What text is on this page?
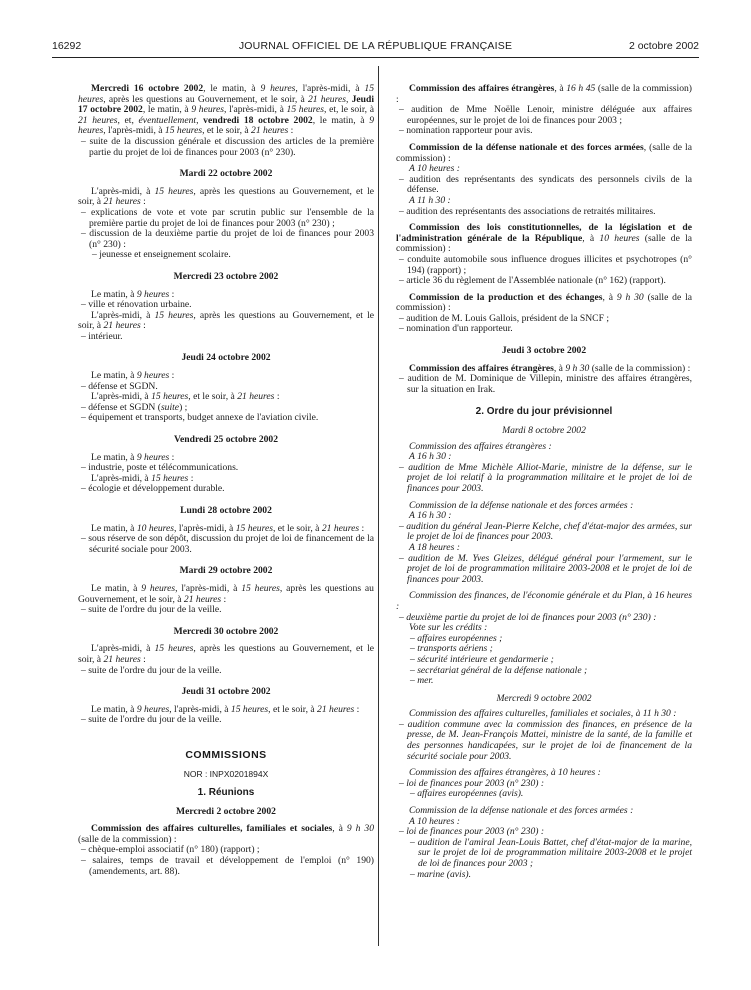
16292	JOURNAL OFFICIEL DE LA RÉPUBLIQUE FRANÇAISE	2 octobre 2002

Mercredi 16 octobre 2002, le matin, à 9 heures, l'après-midi, à 15 heures, après les questions au Gouvernement, et le soir, à 21 heures, Jeudi 17 octobre 2002, le matin, à 9 heures, l'après-midi, à 15 heures, et, le soir, à 21 heures, et, éventuellement, vendredi 18 octobre 2002, le matin, à 9 heures, l'après-midi, à 15 heures, et le soir, à 21 heures :

– suite de la discussion générale et discussion des articles de la première partie du projet de loi de finances pour 2003 (n° 230).

Mardi 22 octobre 2002

L'après-midi, à 15 heures, après les questions au Gouvernement, et le soir, à 21 heures :

– explications de vote et vote par scrutin public sur l'ensemble de la première partie du projet de loi de finances pour 2003 (n° 230) ;

– discussion de la deuxième partie du projet de loi de finances pour 2003 (n° 230) :

– jeunesse et enseignement scolaire.

Mercredi 23 octobre 2002

Le matin, à 9 heures :

– ville et rénovation urbaine.

L'après-midi, à 15 heures, après les questions au Gouvernement, et le soir, à 21 heures :

– intérieur.

Jeudi 24 octobre 2002

Le matin, à 9 heures :

– défense et SGDN.

L'après-midi, à 15 heures, et le soir, à 21 heures :

– défense et SGDN (suite) ;

– équipement et transports, budget annexe de l'aviation civile.

Vendredi 25 octobre 2002

Le matin, à 9 heures :

– industrie, poste et télécommunications.

L'après-midi, à 15 heures :

– écologie et développement durable.

Lundi 28 octobre 2002

Le matin, à 10 heures, l'après-midi, à 15 heures, et le soir, à 21 heures :

– sous réserve de son dépôt, discussion du projet de loi de financement de la sécurité sociale pour 2003.

Mardi 29 octobre 2002

Le matin, à 9 heures, l'après-midi, à 15 heures, après les questions au Gouvernement, et le soir, à 21 heures :

– suite de l'ordre du jour de la veille.

Mercredi 30 octobre 2002

L'après-midi, à 15 heures, après les questions au Gouvernement, et le soir, à 21 heures :

– suite de l'ordre du jour de la veille.

Jeudi 31 octobre 2002

Le matin, à 9 heures, l'après-midi, à 15 heures, et le soir, à 21 heures :

– suite de l'ordre du jour de la veille.

COMMISSIONS

NOR : INPX0201894X

1. Réunions

Mercredi 2 octobre 2002

Commission des affaires culturelles, familiales et sociales, à 9 h 30 (salle de la commission) :

– chèque-emploi associatif (n° 180) (rapport) ;

– salaires, temps de travail et développement de l'emploi (n° 190) (amendements, art. 88).

Commission des affaires étrangères, à 16 h 45 (salle de la commission) :

– audition de Mme Noëlle Lenoir, ministre déléguée aux affaires européennes, sur le projet de loi de finances pour 2003 ;

– nomination rapporteur pour avis.

Commission de la défense nationale et des forces armées, (salle de la commission) :

A 10 heures :

– audition des représentants des syndicats des personnels civils de la défense.

A 11 h 30 :

– audition des représentants des associations de retraités militaires.

Commission des lois constitutionnelles, de la législation et de l'administration générale de la République, à 10 heures (salle de la commission) :

– conduite automobile sous influence drogues illicites et psychotropes (n° 194) (rapport) ;

– article 36 du règlement de l'Assemblée nationale (n° 162) (rapport).

Commission de la production et des échanges, à 9 h 30 (salle de la commission) :

– audition de M. Louis Gallois, président de la SNCF ;

– nomination d'un rapporteur.

Jeudi 3 octobre 2002

Commission des affaires étrangères, à 9 h 30 (salle de la commission) :

– audition de M. Dominique de Villepin, ministre des affaires étrangères, sur la situation en Irak.

2. Ordre du jour prévisionnel

Mardi 8 octobre 2002

Commission des affaires étrangères :

A 16 h 30 :

– audition de Mme Michèle Alliot-Marie, ministre de la défense, sur le projet de loi relatif à la programmation militaire et le projet de loi de finances pour 2003.

Commission de la défense nationale et des forces armées :

A 16 h 30 :

– audition du général Jean-Pierre Kelche, chef d'état-major des armées, sur le projet de loi de finances pour 2003.

A 18 heures :

– audition de M. Yves Gleizes, délégué général pour l'armement, sur le projet de loi de programmation militaire 2003-2008 et le projet de loi de finances pour 2003.

Commission des finances, de l'économie générale et du Plan, à 16 heures :

– deuxième partie du projet de loi de finances pour 2003 (n° 230) :

Vote sur les crédits :

– affaires européennes ;

– transports aériens ;

– sécurité intérieure et gendarmerie ;

– secrétariat général de la défense nationale ;

– mer.

Mercredi 9 octobre 2002

Commission des affaires culturelles, familiales et sociales, à 11 h 30 :

– audition commune avec la commission des finances, en présence de la presse, de M. Jean-François Mattei, ministre de la santé, de la famille et des personnes handicapées, sur le projet de loi de financement de la sécurité sociale pour 2003.

Commission des affaires étrangères, à 10 heures :

– loi de finances pour 2003 (n° 230) :

– affaires européennes (avis).

Commission de la défense nationale et des forces armées :

A 10 heures :

– loi de finances pour 2003 (n° 230) :

– audition de l'amiral Jean-Louis Battet, chef d'état-major de la marine, sur le projet de loi de programmation militaire 2003-2008 et le projet de loi de finances pour 2003 ;

– marine (avis).
